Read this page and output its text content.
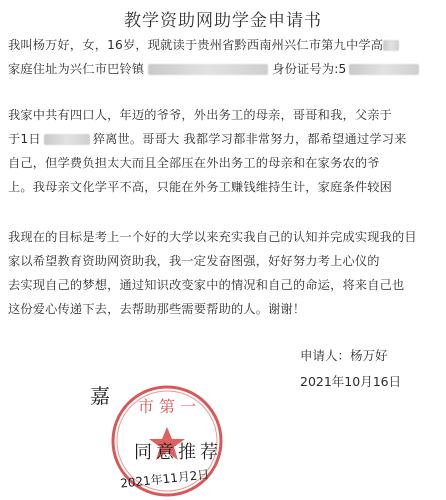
教学资助网助学金申请书
我叫杨万好，女，16岁，现就读于贵州省黔西南州兴仁市第九中学高
家庭住址为兴仁市巴铃镇	身份证号为:5
我家中共有四口人，年迈的爷爷，外出务工的母亲，哥哥和我，父亲于
于1日	猝离世。哥哥大 我都学习都非常努力，都希望通过学习来
自己，但学费负担太大而且全部压在外出务工的母亲和在家务农的爷
上。我母亲文化学平不高，只能在外务工赚钱维持生计，家庭条件较困
我现在的目标是考上一个好的大学以来充实我自己的认知并完成实现我的目
家以希望教育资助网资助我，我一定发奋图强，好好努力考上心仪的
去实现自己的梦想，通过知识改变家中的情况和自己的命运，将来自己也
这份爱心传递下去，去帮助那些需要帮助的人。谢谢！
申请人：杨万好
2021年10月16日
市 第 一
嘉
同意推荐
2021年11月2日
